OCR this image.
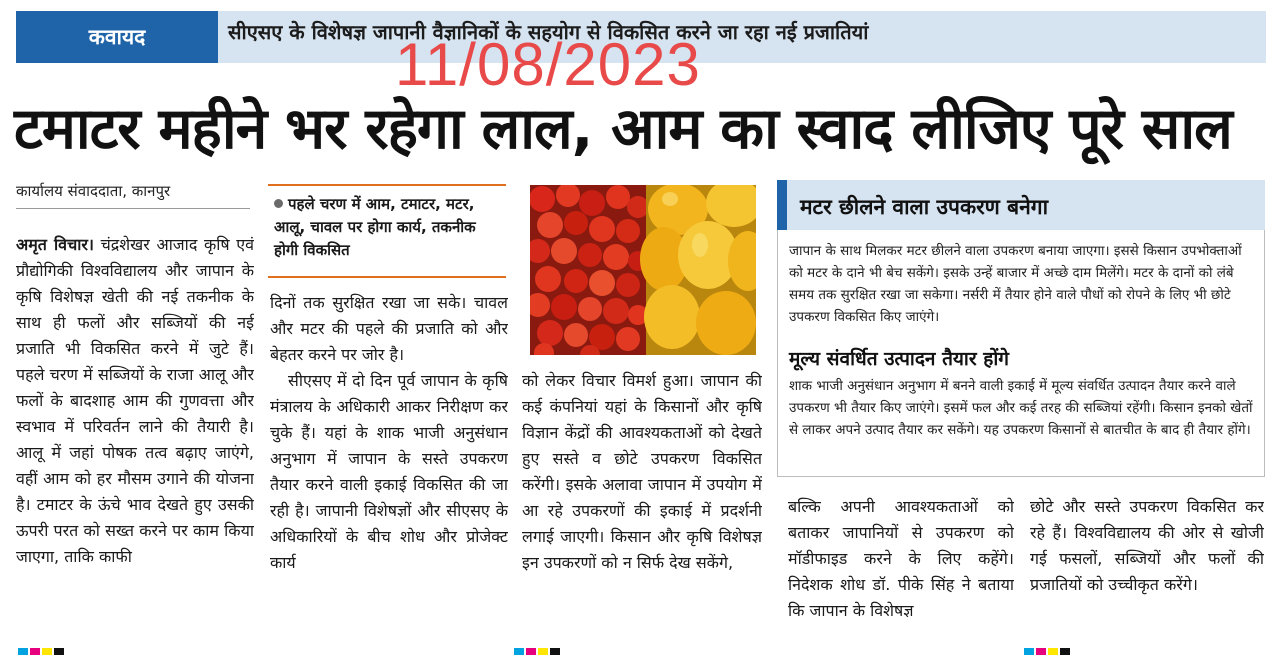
कवायद	सीएसए के विशेषज्ञ जापानी वैज्ञानिकों के सहयोग से विकसित करने जा रहा नई प्रजातियां
11/08/2023
टमाटर महीने भर रहेगा लाल, आम का स्वाद लीजिए पूरे साल
कार्यालय संवाददाता, कानपुर

अमृत विचार। चंद्रशेखर आजाद कृषि एवं प्रौद्योगिकी विश्वविद्यालय और जापान के कृषि विशेषज्ञ खेती की नई तकनीक के साथ ही फलों और सब्जियों की नई प्रजाति भी विकसित करने में जुटे हैं। पहले चरण में सब्जियों के राजा आलू और फलों के बादशाह आम की गुणवत्ता और स्वभाव में परिवर्तन लाने की तैयारी है। आलू में जहां पोषक तत्व बढ़ाए जाएंगे, वहीं आम को हर मौसम उगाने की योजना है। टमाटर के ऊंचे भाव देखते हुए उसकी ऊपरी परत को सख्त करने पर काम किया जाएगा, ताकि काफी

पहले चरण में आम, टमाटर, मटर, आलू, चावल पर होगा कार्य, तकनीक होगी विकसित

दिनों तक सुरक्षित रखा जा सके। चावल और मटर की पहले की प्रजाति को और बेहतर करने पर जोर है।

सीएसए में दो दिन पूर्व जापान के कृषि मंत्रालय के अधिकारी आकर निरीक्षण कर चुके हैं। यहां के शाक भाजी अनुसंधान अनुभाग में जापान के सस्ते उपकरण तैयार करने वाली इकाई विकसित की जा रही है। जापानी विशेषज्ञों और सीएसए के अधिकारियों के बीच शोध और प्रोजेक्ट कार्य

को लेकर विचार विमर्श हुआ। जापान की कई कंपनियां यहां के किसानों और कृषि विज्ञान केंद्रों की आवश्यकताओं को देखते हुए सस्ते व छोटे उपकरण विकसित करेंगी। इसके अलावा जापान में उपयोग में आ रहे उपकरणों की इकाई में प्रदर्शनी लगाई जाएगी। किसान और कृषि विशेषज्ञ इन उपकरणों को न सिर्फ देख सकेंगे,

मटर छीलने वाला उपकरण बनेगा
जापान के साथ मिलकर मटर छीलने वाला उपकरण बनाया जाएगा। इससे किसान उपभोक्ताओं को मटर के दाने भी बेच सकेंगे। इसके उन्हें बाजार में अच्छे दाम मिलेंगे। मटर के दानों को लंबे समय तक सुरक्षित रखा जा सकेगा। नर्सरी में तैयार होने वाले पौधों को रोपने के लिए भी छोटे उपकरण विकसित किए जाएंगे।
मूल्य संवर्धित उत्पादन तैयार होंगे
शाक भाजी अनुसंधान अनुभाग में बनने वाली इकाई में मूल्य संवर्धित उत्पादन तैयार करने वाले उपकरण भी तैयार किए जाएंगे। इसमें फल और कई तरह की सब्जियां रहेंगी। किसान इनको खेतों से लाकर अपने उत्पाद तैयार कर सकेंगे। यह उपकरण किसानों से बातचीत के बाद ही तैयार होंगे।

बल्कि अपनी आवश्यकताओं को बताकर जापानियों से उपकरण को मॉडीफाइड करने के लिए कहेंगे। निदेशक शोध डॉ. पीके सिंह ने बताया कि जापान के विशेषज्ञ

छोटे और सस्ते उपकरण विकसित कर रहे हैं। विश्वविद्यालय की ओर से खोजी गई फसलों, सब्जियों और फलों की प्रजातियों को उच्चीकृत करेंगे।
